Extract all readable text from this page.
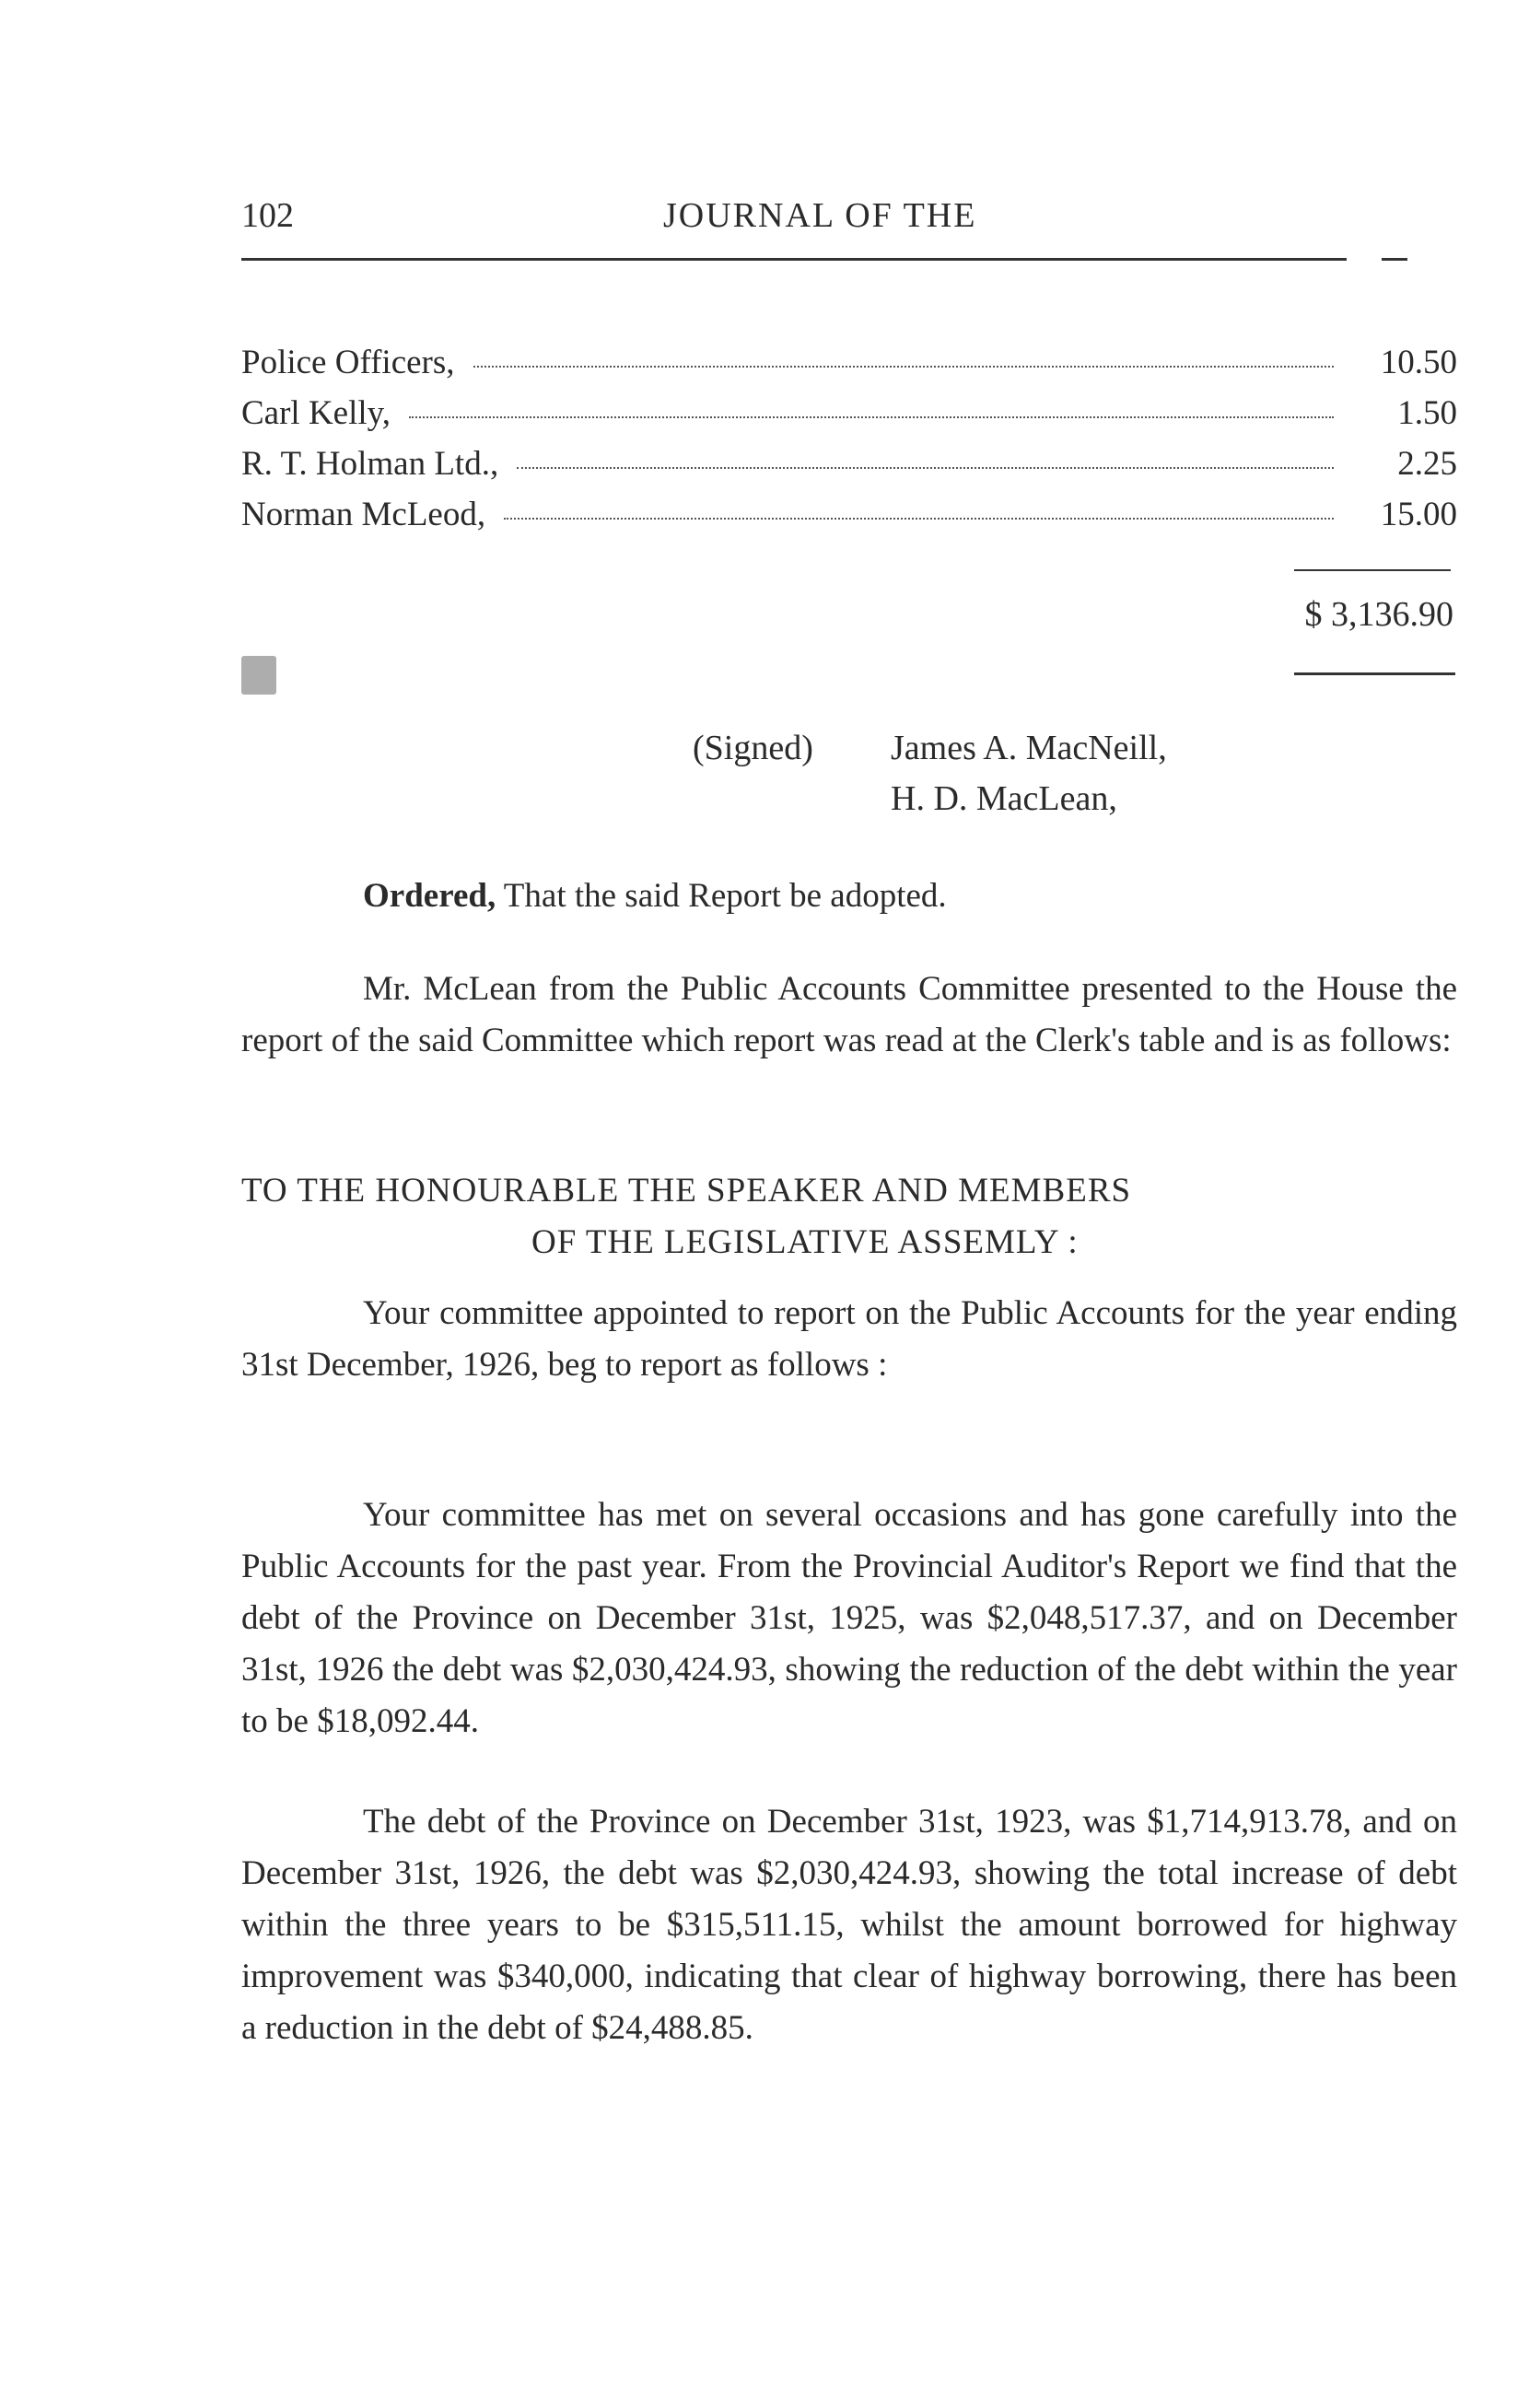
102	JOURNAL OF THE
Police Officers,	10.50
Carl Kelly,	1.50
R. T. Holman Ltd.,	2.25
Norman McLeod,	15.00
$ 3,136.90
(Signed) James A. MacNeill,
H. D. MacLean,

Ordered, That the said Report be adopted.

Mr. McLean from the Public Accounts Committee presented to the House the report of the said Committee which report was read at the Clerk's table and is as follows:

TO THE HONOURABLE THE SPEAKER AND MEMBERS
OF THE LEGISLATIVE ASSEMLY :

Your committee appointed to report on the Public Accounts for the year ending 31st December, 1926, beg to report as follows :

Your committee has met on several occasions and has gone carefully into the Public Accounts for the past year. From the Provincial Auditor's Report we find that the debt of the Province on December 31st, 1925, was $2,048,517.37, and on December 31st, 1926 the debt was $2,030,424.93, showing the reduction of the debt within the year to be $18,092.44.

The debt of the Province on December 31st, 1923, was $1,714,913.78, and on December 31st, 1926, the debt was $2,030,424.93, showing the total increase of debt within the three years to be $315,511.15, whilst the amount borrowed for highway improvement was $340,000, indicating that clear of highway borrowing, there has been a reduction in the debt of $24,488.85.
